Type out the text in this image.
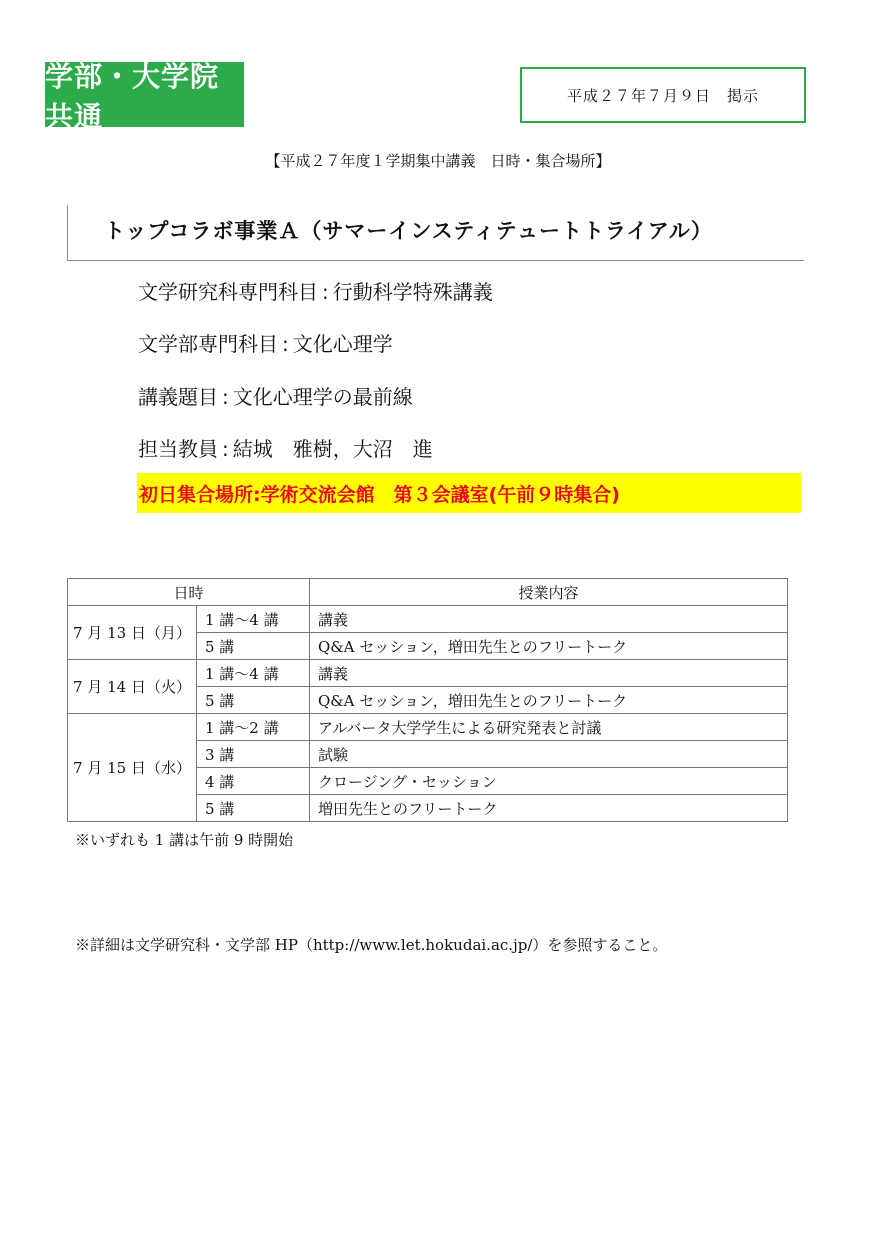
学部・大学院 共通
平成２７年７月９日　掲示
【平成２７年度１学期集中講義　日時・集合場所】
トップコラボ事業Ａ（サマーインスティテュートトライアル）
文学研究科専門科目 : 行動科学特殊講義
文学部専門科目 : 文化心理学
講義題目 : 文化心理学の最前線
担当教員 : 結城　雅樹，大沼　進
初日集合場所:学術交流会館　第３会議室(午前９時集合)
日時		授業内容
7 月 13 日（月）	1 講〜4 講	講義
	5 講	Q&A セッション，増田先生とのフリートーク
7 月 14 日（火）	1 講〜4 講	講義
	5 講	Q&A セッション，増田先生とのフリートーク
7 月 15 日（水）	1 講〜2 講	アルバータ大学学生による研究発表と討議
	3 講	試験
	4 講	クロージング・セッション
	5 講	増田先生とのフリートーク
※いずれも 1 講は午前 9 時開始
※詳細は文学研究科・文学部 HP（http://www.let.hokudai.ac.jp/）を参照すること。
